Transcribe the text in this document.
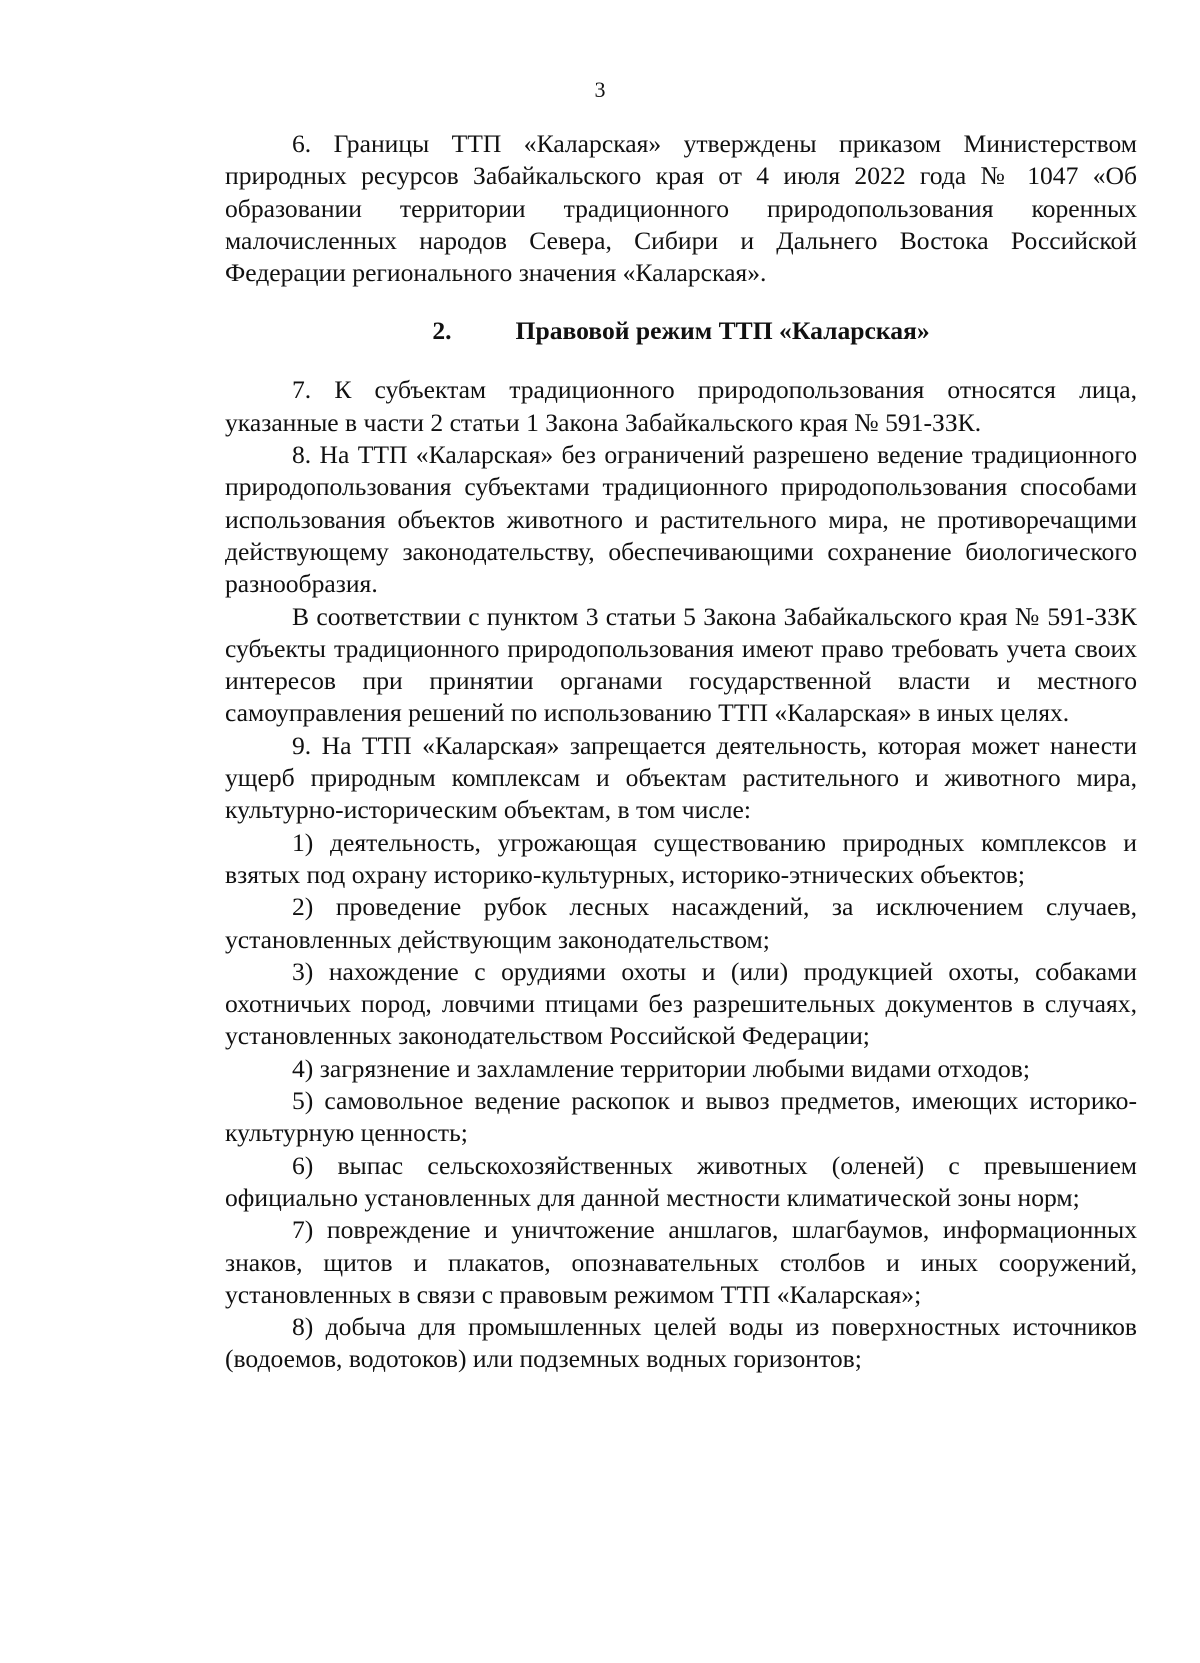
3

6. Границы ТТП «Каларская» утверждены приказом Министерством природных ресурсов Забайкальского края от 4 июля 2022 года № 1047 «Об образовании территории традиционного природопользования коренных малочисленных народов Севера, Сибири и Дальнего Востока Российской Федерации регионального значения «Каларская».

2.	Правовой режим ТТП «Каларская»

7. К субъектам традиционного природопользования относятся лица, указанные в части 2 статьи 1 Закона Забайкальского края № 591-ЗЗК.

8. На ТТП «Каларская» без ограничений разрешено ведение традиционного природопользования субъектами традиционного природопользования способами использования объектов животного и растительного мира, не противоречащими действующему законодательству, обеспечивающими сохранение биологического разнообразия.

В соответствии с пунктом 3 статьи 5 Закона Забайкальского края № 591-ЗЗК субъекты традиционного природопользования имеют право требовать учета своих интересов при принятии органами государственной власти и местного самоуправления решений по использованию ТТП «Каларская» в иных целях.

9. На ТТП «Каларская» запрещается деятельность, которая может нанести ущерб природным комплексам и объектам растительного и животного мира, культурно-историческим объектам, в том числе:

1) деятельность, угрожающая существованию природных комплексов и взятых под охрану историко-культурных, историко-этнических объектов;

2) проведение рубок лесных насаждений, за исключением случаев, установленных действующим законодательством;

3) нахождение с орудиями охоты и (или) продукцией охоты, собаками охотничьих пород, ловчими птицами без разрешительных документов в случаях, установленных законодательством Российской Федерации;

4) загрязнение и захламление территории любыми видами отходов;

5) самовольное ведение раскопок и вывоз предметов, имеющих историко-культурную ценность;

6) выпас сельскохозяйственных животных (оленей) с превышением официально установленных для данной местности климатической зоны норм;

7) повреждение и уничтожение аншлагов, шлагбаумов, информационных знаков, щитов и плакатов, опознавательных столбов и иных сооружений, установленных в связи с правовым режимом ТТП «Каларская»;

8) добыча для промышленных целей воды из поверхностных источников (водоемов, водотоков) или подземных водных горизонтов;
